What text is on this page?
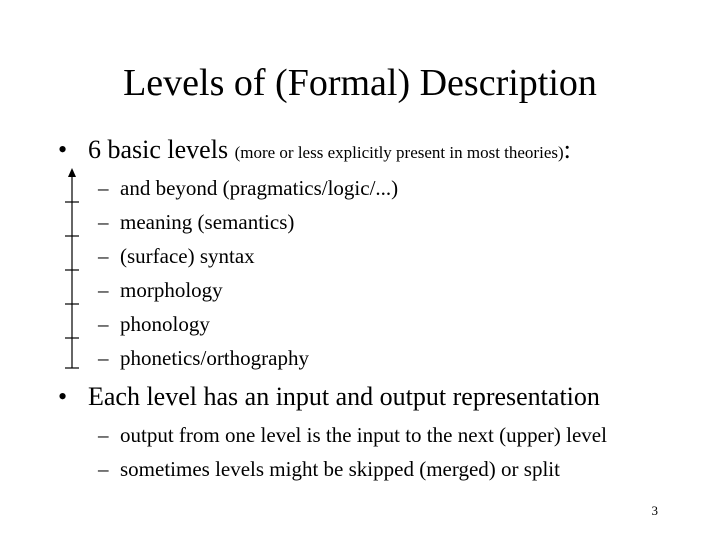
Levels of (Formal) Description
• 6 basic levels (more or less explicitly present in most theories):
– and beyond (pragmatics/logic/...)
– meaning (semantics)
– (surface) syntax
– morphology
– phonology
– phonetics/orthography
• Each level has an input and output representation
– output from one level is the input to the next (upper) level
– sometimes levels might be skipped (merged) or split
3
